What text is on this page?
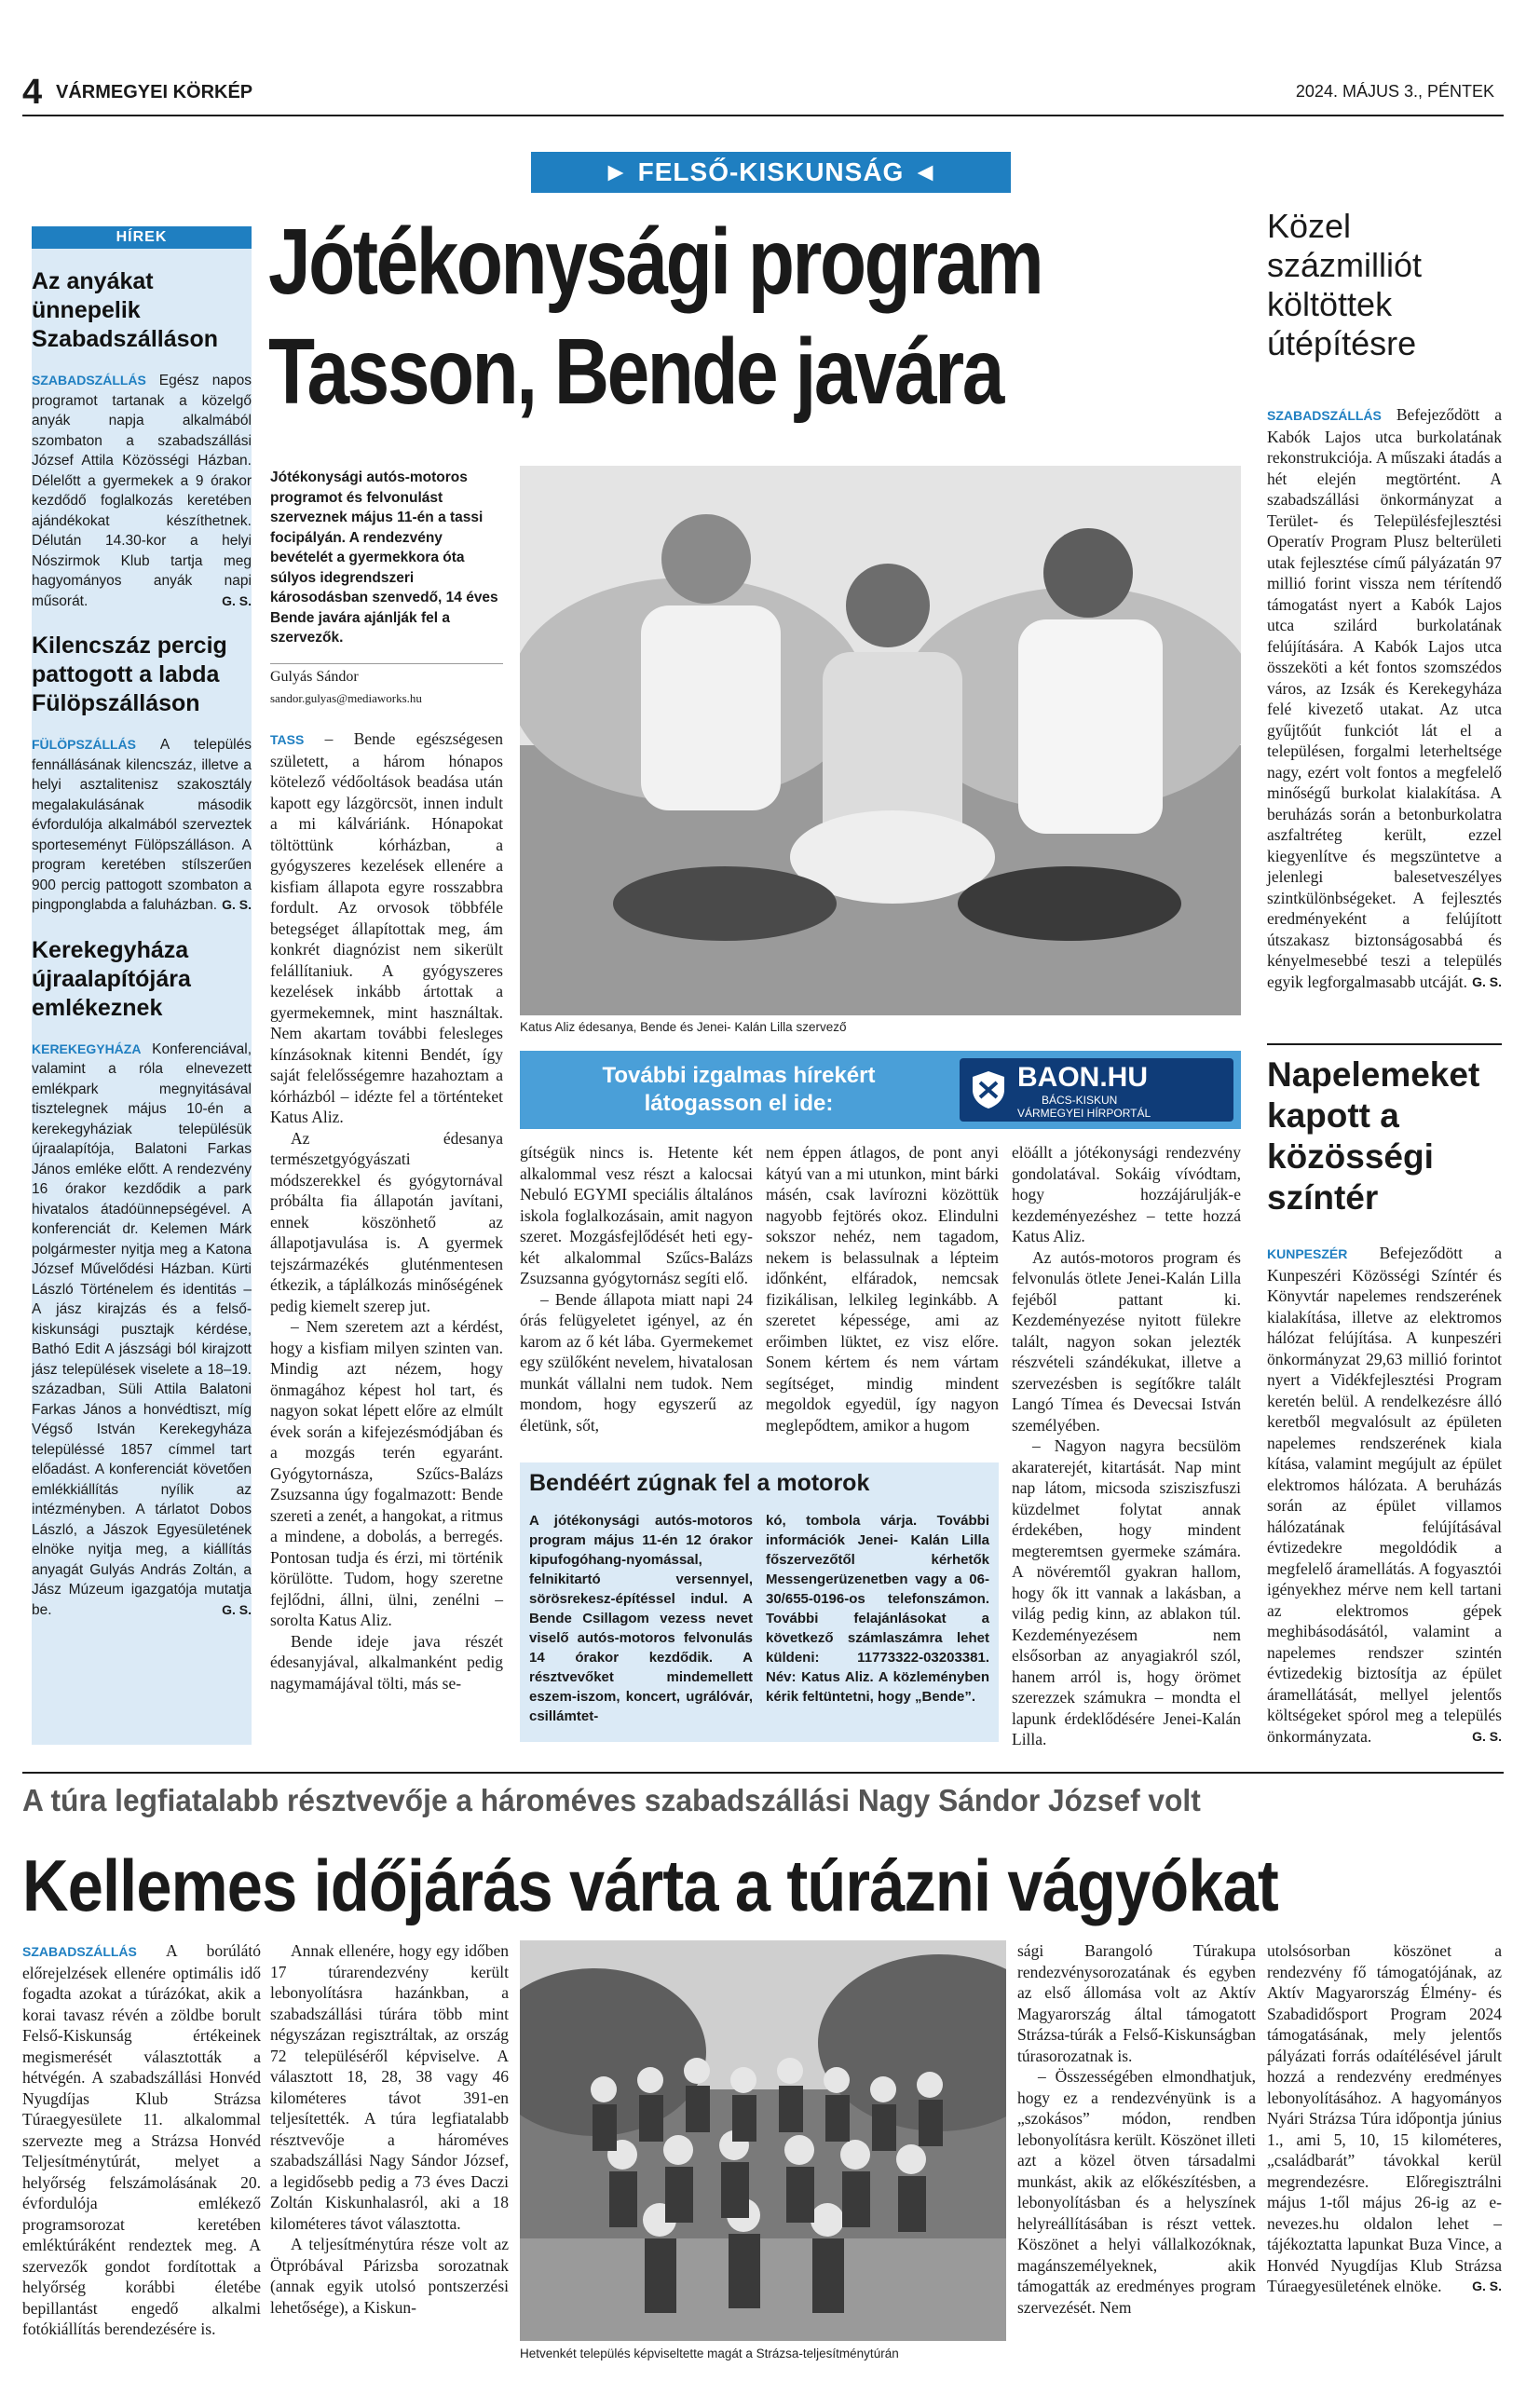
4 VÁRMEGYEI KÖRKÉP	2024. MÁJUS 3., PÉNTEK
► FELSŐ-KISKUNSÁG ◄
HÍREK
Az anyákat ünnepelik Szabadszálláson
SZABADSZÁLLÁS Egész napos programot tartanak a közelgő anyák napja alkalmából szombaton a szabadszállási József Attila Közösségi Házban. Délelőtt a gyermekek a 9 órakor kezdődő foglalkozás keretében ajándékokat készíthetnek. Délután 14.30-kor a helyi Nószirmok Klub tartja meg hagyományos anyák napi műsorát.	G. S.
Kilencszáz percig pattogott a labda Fülöpszálláson
FÜLÖPSZÁLLÁS A település fennállásának kilencszáz, illetve a helyi asztalitenisz szakosztály megalakulásának második évfordulója alkalmából szerveztek sporteseményt Fülöpszálláson. A program keretében stílszerűen 900 percig pattogott szombaton a pingponglabda a faluházban. G. S.
Kerekegyháza újraalapítójára emlékeznek
KEREKEGYHÁZA Konferenciával, valamint a róla elnevezett emlékpark megnyitásával tisztelegnek május 10-én a kerekegyháziak településük újraalapítója, Balatoni Farkas János emléke előtt. A rendezvény 16 órakor kezdődik a park hivatalos átadóünnepségével. A konferenciát dr. Kelemen Márk polgármester nyitja meg a Katona József Művelődési Házban. Kürti László Történelem és identitás – A jász kirajzás és a felső-kiskunsági pusztajk kérdése, Bathó Edit A jászsági ból kirajzott jász települések viselete a 18–19. században, Süli Attila Balatoni Farkas János a honvédtiszt, míg Végső István Kerekegyháza településsé 1857 címmel tart előadást. A konferenciát követően emlékkiállítás nyílik az intézményben. A tárlatot Dobos László, a Jászok Egyesületének elnöke nyitja meg, a kiállítás anyagát Gulyás András Zoltán, a Jász Múzeum igazgatója mutatja be.	G. S.
Jótékonysági program
Tasson, Bende javára
Jótékonysági autós-motoros programot és felvonulást szerveznek május 11-én a tassi focipályán. A rendezvény bevételét a gyermekkora óta súlyos idegrendszeri károsodásban szenvedő, 14 éves Bende javára ajánlják fel a szervezők.
Gulyás Sándor
sandor.gulyas@mediaworks.hu
Katus Aliz édesanya, Bende és Jenei- Kalán Lilla szervező

TASS – Bende egészségesen született, a három hónapos kötelező védőoltások beadása után kapott egy lázgörcsöt, innen indult a mi kálváriánk. Hónapokat töltöttünk kórházban, a gyógyszeres kezelések ellenére a kisfiam állapota egyre rosszabbra fordult. Az orvosok többféle betegséget állapítottak meg, ám konkrét diagnózist nem sikerült felállítaniuk. A gyógyszeres kezelések inkább ártottak a gyermekemnek, mint használtak. Nem akartam további felesleges kínzásoknak kitenni Bendét, így saját felelősségemre hazahoztam a kórházból – idézte fel a történteket Katus Aliz.

Az édesanya természetgyógyászati módszerekkel és gyógytornával próbálta fia állapotán javítani, ennek köszönhető az állapotjavulása is. A gyermek tejszármazékés gluténmentesen étkezik, a táplálkozás minőségének pedig kiemelt szerep jut.

– Nem szeretem azt a kérdést, hogy a kisfiam milyen szinten van. Mindig azt nézem, hogy önmagához képest hol tart, és nagyon sokat lépett előre az elmúlt évek során a kifejezésmódjában és a mozgás terén egyaránt. Gyógytornásza, Szűcs-Balázs Zsuzsanna úgy fogalmazott: Bende szereti a zenét, a hangokat, a ritmus a mindene, a dobolás, a berregés. Pontosan tudja és érzi, mi történik körülötte. Tudom, hogy szeretne fejlődni, állni, ülni, zenélni – sorolta Katus Aliz.

Bende ideje java részét édesanyjával, alkalmanként pedig nagymamájával tölti, más se-

További izgalmas hírekért
látogasson el ide:
BAON.HU
BÁCS-KISKUN
VÁRMEGYEI HÍRPORTÁL

gítségük nincs is. Hetente két alkalommal vesz részt a kalocsai Nebuló EGYMI speciális általános iskola foglalkozásain, amit nagyon szeret. Mozgásfejlődését heti egy-két alkalommal Szűcs-Balázs Zsuzsanna gyógytornász segíti elő.

– Bende állapota miatt napi 24 órás felügyeletet igényel, az én karom az ő két lába. Gyermekemet egy szülőként nevelem, hivatalosan munkát vállalni nem tudok. Nem mondom, hogy egyszerű az életünk, sőt,

nem éppen átlagos, de pont anyi kátyú van a mi utunkon, mint bárki másén, csak lavírozni közöttük nagyobb fejtörés okoz. Elindulni sokszor nehéz, nem tagadom, nekem is belassulnak a lépteim időnként, elfáradok, nemcsak fizikálisan, lelkileg leginkább. A szeretet képessége, ami az erőimben lüktet, ez visz előre. Sonem kértem és nem vártam segítséget, mindig mindent megoldok egyedül, így nagyon meglepődtem, amikor a hugom

elöállt a jótékonysági rendezvény gondolatával. Sokáig vívódtam, hogy hozzájárulják-e kezdeményezéshez – tette hozzá Katus Aliz.

Az autós-motoros program és felvonulás ötlete Jenei-Kalán Lilla fejéből pattant ki. Kezdeményezése nyitott fülekre talált, nagyon sokan jelezték részvételi szándékukat, illetve a szervezésben is segítőkre talált Langó Tímea és Devecsai István személyében.

– Nagyon nagyra becsülöm akaraterejét, kitartását. Nap mint nap látom, micsoda szisziszfuszi küzdelmet folytat annak érdekében, hogy mindent megteremtsen gyermeke számára. A növéremtől gyakran hallom, hogy ők itt vannak a lakásban, a világ pedig kinn, az ablakon túl. Kezdeményezésem nem elsősorban az anyagiakról szól, hanem arról is, hogy örömet szerezzek számukra – mondta el lapunk érdeklődésére Jenei-Kalán Lilla.

Bendéért zúgnak fel a motorok
A jótékonysági autós-motoros program május 11-én 12 órakor kipufogóhang-nyomással, felnikitartó versennyel, sörösrekesz-építéssel indul. A Bende Csillagom vezess nevet viselő autós-motoros felvonulás 14 órakor kezdődik. A résztvevőket mindemellett eszem-iszom, koncert, ugrálóvár, csillámtet-
kó, tombola várja. További információk Jenei- Kalán Lilla főszervezőtől kérhetők Messengerüzenetben vagy a 06-30/655-0196-os telefonszámon. További felajánlásokat a következő számlaszámra lehet küldeni: 11773322-03203381. Név: Katus Aliz. A közleményben kérik feltüntetni, hogy „Bende”.
Közel százmilliót költöttek útépítésre

SZABADSZÁLLÁS Befejeződött a Kabók Lajos utca burkolatának rekonstrukciója. A műszaki átadás a hét elején megtörtént. A szabadszállási önkormányzat a Terület- és Településfejlesztési Operatív Program Plusz belterületi utak fejlesztése című pályázatán 97 millió forint vissza nem térítendő támogatást nyert a Kabók Lajos utca szilárd burkolatának felújítására. A Kabók Lajos utca összeköti a két fontos szomszédos város, az Izsák és Kerekegyháza felé kivezető utakat. Az utca gyűjtőút funkciót lát el a településen, forgalmi leterheltsége nagy, ezért volt fontos a megfelelő minőségű burkolat kialakítása. A beruházás során a betonburkolatra aszfaltréteg került, ezzel kiegyenlítve és megszüntetve a jelenlegi balesetveszélyes szintkülönbségeket. A fejlesztés eredményeként a felújított útszakasz biztonságosabbá és kényelmesebbé teszi a település egyik legforgalmasabb utcáját. G. S.

Napelemeket kapott a közösségi színtér

KUNPESZÉR Befejeződött a Kunpeszéri Közösségi Színtér és Könyvtár napelemes rendszerének kialakítása, illetve az elektromos hálózat felújítása. A kunpeszéri önkormányzat 29,63 millió forintot nyert a Vidékfejlesztési Program keretén belül. A rendelkezésre álló keretből megvalósult az épületen napelemes rendszerének kiala kítása, valamint megújult az épület elektromos hálózata. A beruházás során az épület villamos hálózatának felújításával évtizedekre megoldódik a megfelelő áramellátás. A fogyasztói igényekhez mérve nem kell tartani az elektromos gépek meghibásodásától, valamint a napelemes rendszer szintén évtizedekig biztosítja az épület áramellátását, mellyel jelentős költségeket spórol meg a település önkormányzata.	G. S.

A túra legfiatalabb résztvevője a hároméves szabadszállási Nagy Sándor József volt
Kellemes időjárás várta a túrázni vágyókat

SZABADSZÁLLÁS A borúlátó előrejelzések ellenére optimális idő fogadta azokat a túrázókat, akik a korai tavasz révén a zöldbe borult Felső-Kiskunság értékeinek megismerését választották a hétvégén. A szabadszállási Honvéd Nyugdíjas Klub Strázsa Túraegyesülete 11. alkalommal szervezte meg a Strázsa Honvéd Teljesítménytúrát, melyet a helyőrség felszámolásának 20. évfordulója emlékező programsorozat keretében emléktúráként rendeztek meg. A szervezők gondot fordítottak a helyőrség korábbi életébe bepillantást engedő alkalmi fotókiállítás berendezésére is.

Annak ellenére, hogy egy időben 17 túrarendezvény került lebonyolításra hazánkban, a szabadszállási túrára több mint négyszázan regisztráltak, az ország 72 településéről képviselve. A választott 18, 28, 38 vagy 46 kilométeres távot 391-en teljesítették. A túra legfiatalabb résztvevője a hároméves szabadszállási Nagy Sándor József, a legidősebb pedig a 73 éves Daczi Zoltán Kiskunhalasról, aki a 18 kilométeres távot választotta.

A teljesítménytúra része volt az Ötpróbával Párizsba sorozatnak (annak egyik utolsó pontszerzési lehetősége), a Kiskun-

Hetvenkét település képviseltette magát a Strázsa-teljesítménytúrán

sági Barangoló Túrakupa rendezvénysorozatának és egyben az első állomása volt az Aktív Magyarország által támogatott Strázsa-túrák a Felső-Kiskunságban túrasorozatnak is.

– Összességében elmondhatjuk, hogy ez a rendezvényünk is a „szokásos” módon, rendben lebonyolításra került. Köszönet illeti azt a közel ötven társadalmi munkást, akik az előkészítésben, a lebonyolításban és a helyszínek helyreállításában is részt vettek. Köszönet a helyi vállalkozóknak, magánszemélyeknek, akik támogatták az eredményes program szervezését. Nem

utolsósorban köszönet a rendezvény fő támogatójának, az Aktív Magyarország Élmény- és Szabadidősport Program 2024 támogatásának, mely jelentős pályázati forrás odaítélésével járult hozzá a rendezvény eredményes lebonyolításához. A hagyományos Nyári Strázsa Túra időpontja június 1., ami 5, 10, 15 kilométeres, „családbarát” távokkal kerül megrendezésre. Előregisztrálni május 1-től május 26-ig az e-nevezes.hu oldalon lehet – tájékoztatta lapunkat Buza Vince, a Honvéd Nyugdíjas Klub Strázsa Túraegyesületének elnöke. G. S.
